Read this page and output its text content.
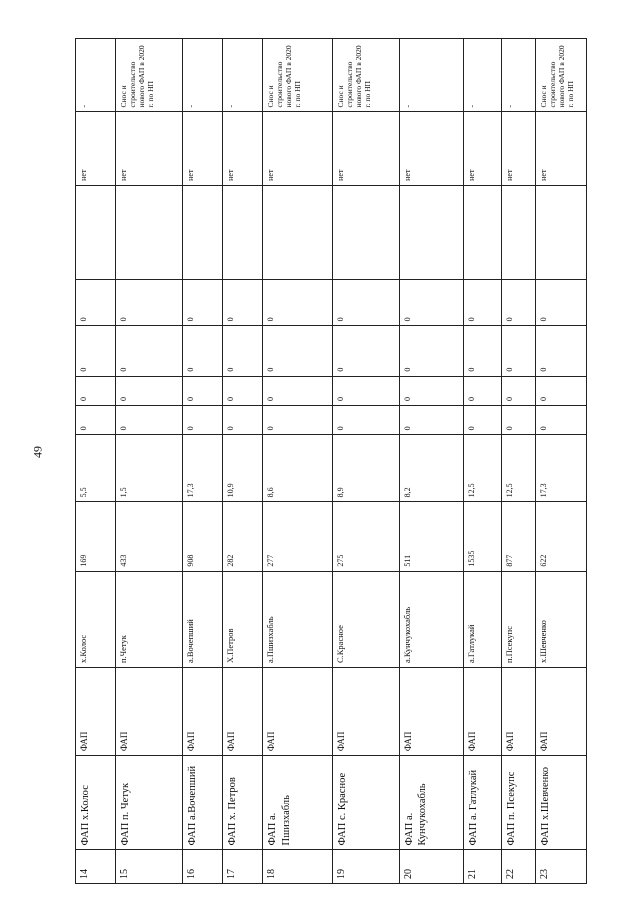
49
14	ФАП х.Колос	ФАП	х.Колос	169	5,5	0	0	0	0		нет	-
15	ФАП п. Четук	ФАП	п.Четук	433	1,5	0	0	0	0		нет	Снос и строительство нового ФАП в 2020 г. по НП
16	ФАП а.Вочепший	ФАП	а.Вочепший	908	17,3	0	0	0	0		нет	-
17	ФАП х. Петров	ФАП	Х.Петров	282	10,9	0	0	0	0		нет	-
18	ФАП а. Пшизхабль	ФАП	а.Пшизхабль	277	8,6	0	0	0	0		нет	Снос и строительство нового ФАП в 2020 г. по НП
19	ФАП с. Красное	ФАП	С.Красное	275	8,9	0	0	0	0		нет	Снос и строительство нового ФАП в 2020 г. по НП
20	ФАП а. Кунчукохабль	ФАП	а.Кунчукохабль	511	8,2	0	0	0	0		нет	-
21	ФАП а. Гатлукай	ФАП	а.Гатлукай	1535	12,5	0	0	0	0		нет	-
22	ФАП п. Псекупс	ФАП	п.Псекупс	877	12,5	0	0	0	0		нет	-
23	ФАП х.Шевченко	ФАП	х.Шевченко	622	17,3	0	0	0	0		нет	Снос и строительство нового ФАП в 2020 г. по НП
